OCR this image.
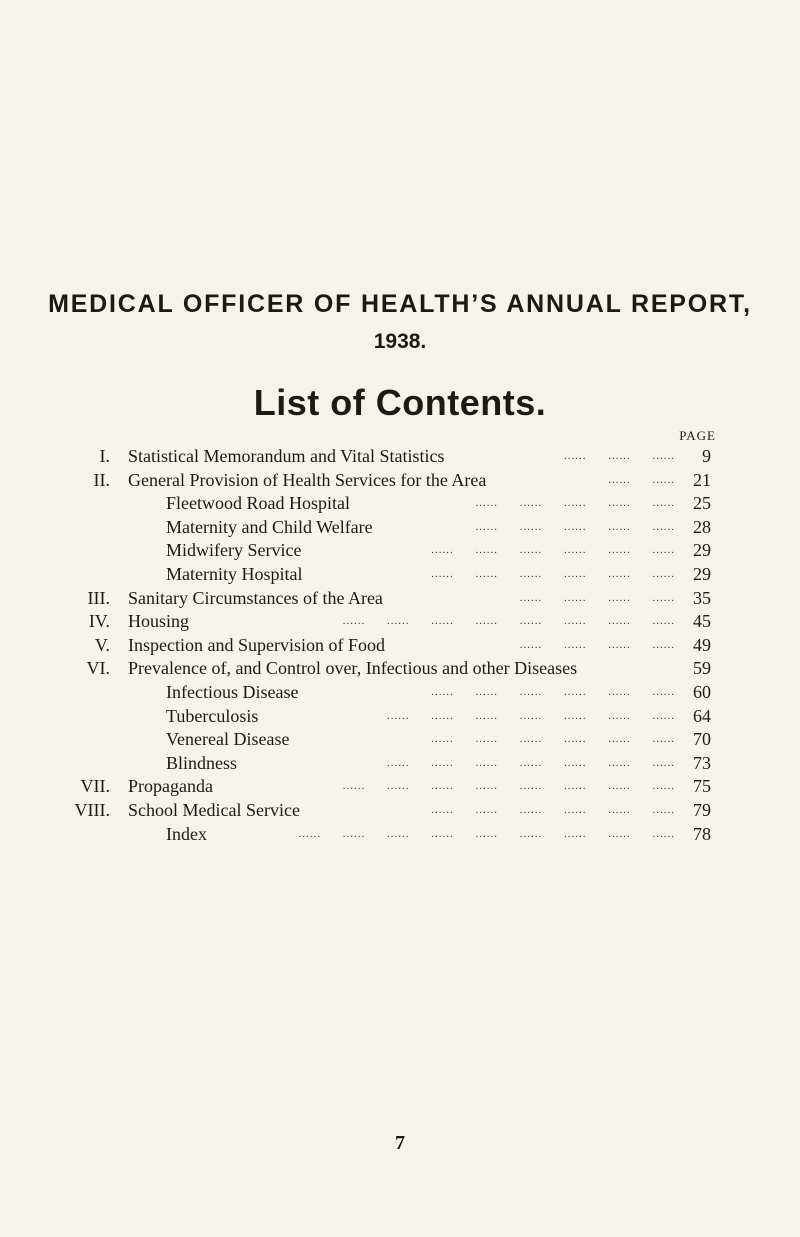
MEDICAL OFFICER OF HEALTH’S ANNUAL REPORT,
1938.
List of Contents.
PAGE
I. Statistical Memorandum and Vital Statistics	...... ...... ...... 9
II. General Provision of Health Services for the Area	...... ...... 21
Fleetwood Road Hospital	...... ...... ...... ...... ...... 25
Maternity and Child Welfare	...... ...... ...... ...... ...... 28
Midwifery Service	...... ...... ...... ...... ...... ...... 29
Maternity Hospital	...... ...... ...... ...... ...... ...... 29
III. Sanitary Circumstances of the Area	...... ...... ...... ...... 35
IV. Housing	...... ...... ...... ...... ...... ...... ...... ...... 45
V. Inspection and Supervision of Food	...... ...... ...... ...... 49
VI. Prevalence of, and Control over, Infectious and other Diseases	59
Infectious Disease	...... ...... ...... ...... ...... ...... 60
Tuberculosis	...... ...... ...... ...... ...... ...... ...... 64
Venereal Disease	...... ...... ...... ...... ...... ...... 70
Blindness	...... ...... ...... ...... ...... ...... ...... 73
VII. Propaganda	...... ...... ...... ...... ...... ...... ...... ...... 75
VIII. School Medical Service	...... ...... ...... ...... ...... ...... 79
Index	...... ...... ...... ...... ...... ...... ...... ...... ...... 78
7
